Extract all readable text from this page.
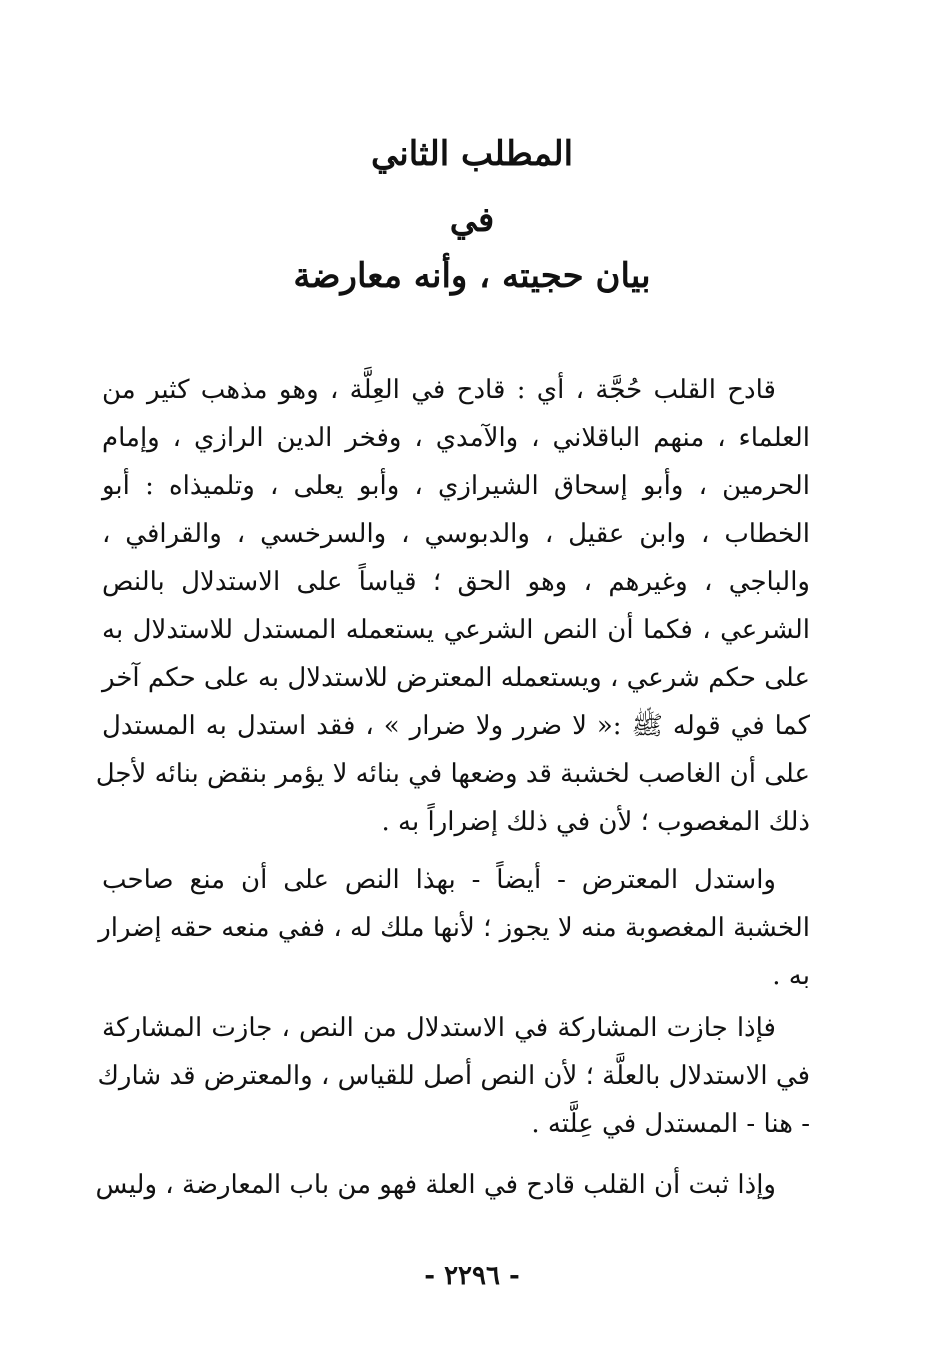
المطلب الثاني
في
بيان حجيته ، وأنه معارضة
قادح القلب حُجَّة ، أي : قادح في العِلَّة ، وهو مذهب كثير من
العلماء ، منهم الباقلاني ، والآمدي ، وفخر الدين الرازي ، وإمام
الحرمين ، وأبو إسحاق الشيرازي ، وأبو يعلى ، وتلميذاه : أبو
الخطاب ، وابن عقيل ، والدبوسي ، والسرخسي ، والقرافي ،
والباجي ، وغيرهم ، وهو الحق ؛ قياساً على الاستدلال بالنص
الشرعي ، فكما أن النص الشرعي يستعمله المستدل للاستدلال به
على حكم شرعي ، ويستعمله المعترض للاستدلال به على حكم آخر
كما في قوله ﷺ :« لا ضرر ولا ضرار » ، فقد استدل به المستدل
على أن الغاصب لخشبة قد وضعها في بنائه لا يؤمر بنقض بنائه لأجل
ذلك المغصوب ؛ لأن في ذلك إضراراً به .
واستدل المعترض - أيضاً - بهذا النص على أن منع صاحب
الخشبة المغصوبة منه لا يجوز ؛ لأنها ملك له ، ففي منعه حقه إضرار
به .
فإذا جازت المشاركة في الاستدلال من النص ، جازت المشاركة
في الاستدلال بالعلَّة ؛ لأن النص أصل للقياس ، والمعترض قد شارك
- هنا - المستدل في عِلَّته .
وإذا ثبت أن القلب قادح في العلة فهو من باب المعارضة ، وليس
- ٢٢٩٦ -
